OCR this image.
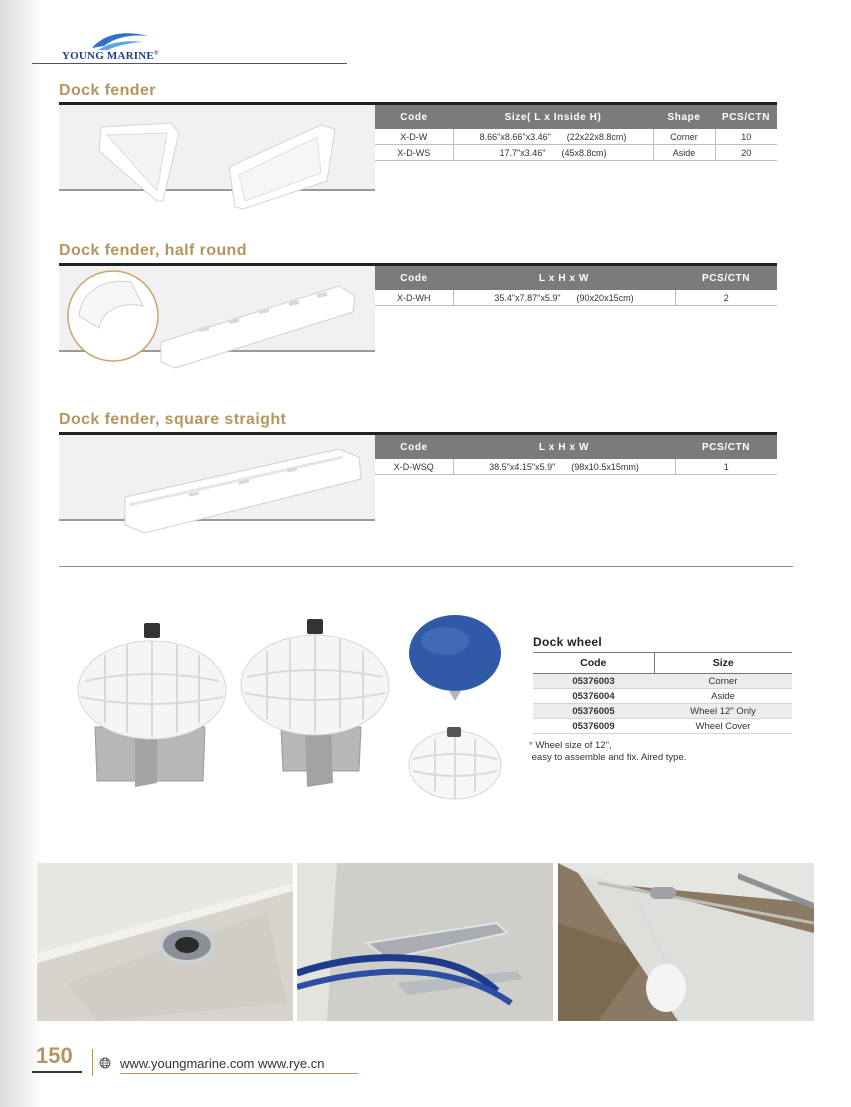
YOUNG MARINE®
Dock fender
Code	Size( L x Inside H)	Shape	PCS/CTN
X-D-W	8.66"x8.66"x3.46" (22x22x8.8cm)	Corner	10
X-D-WS	17.7"x3.46" (45x8.8cm)	Aside	20
Dock fender, half round
Code	L x H x W	PCS/CTN
X-D-WH	35.4"x7.87"x5.9" (90x20x15cm)	2
Dock fender, square straight
Code	L x H x W	PCS/CTN
X-D-WSQ	38.5"x4.15"x5.9" (98x10.5x15mm)	1
Dock wheel
Code	Size
05376003	Corner
05376004	Aside
05376005	Wheel 12" Only
05376009	Wheel Cover
* Wheel size of 12",
easy to assemble and fix. Aired type.
150	www.youngmarine.com www.rye.cn
